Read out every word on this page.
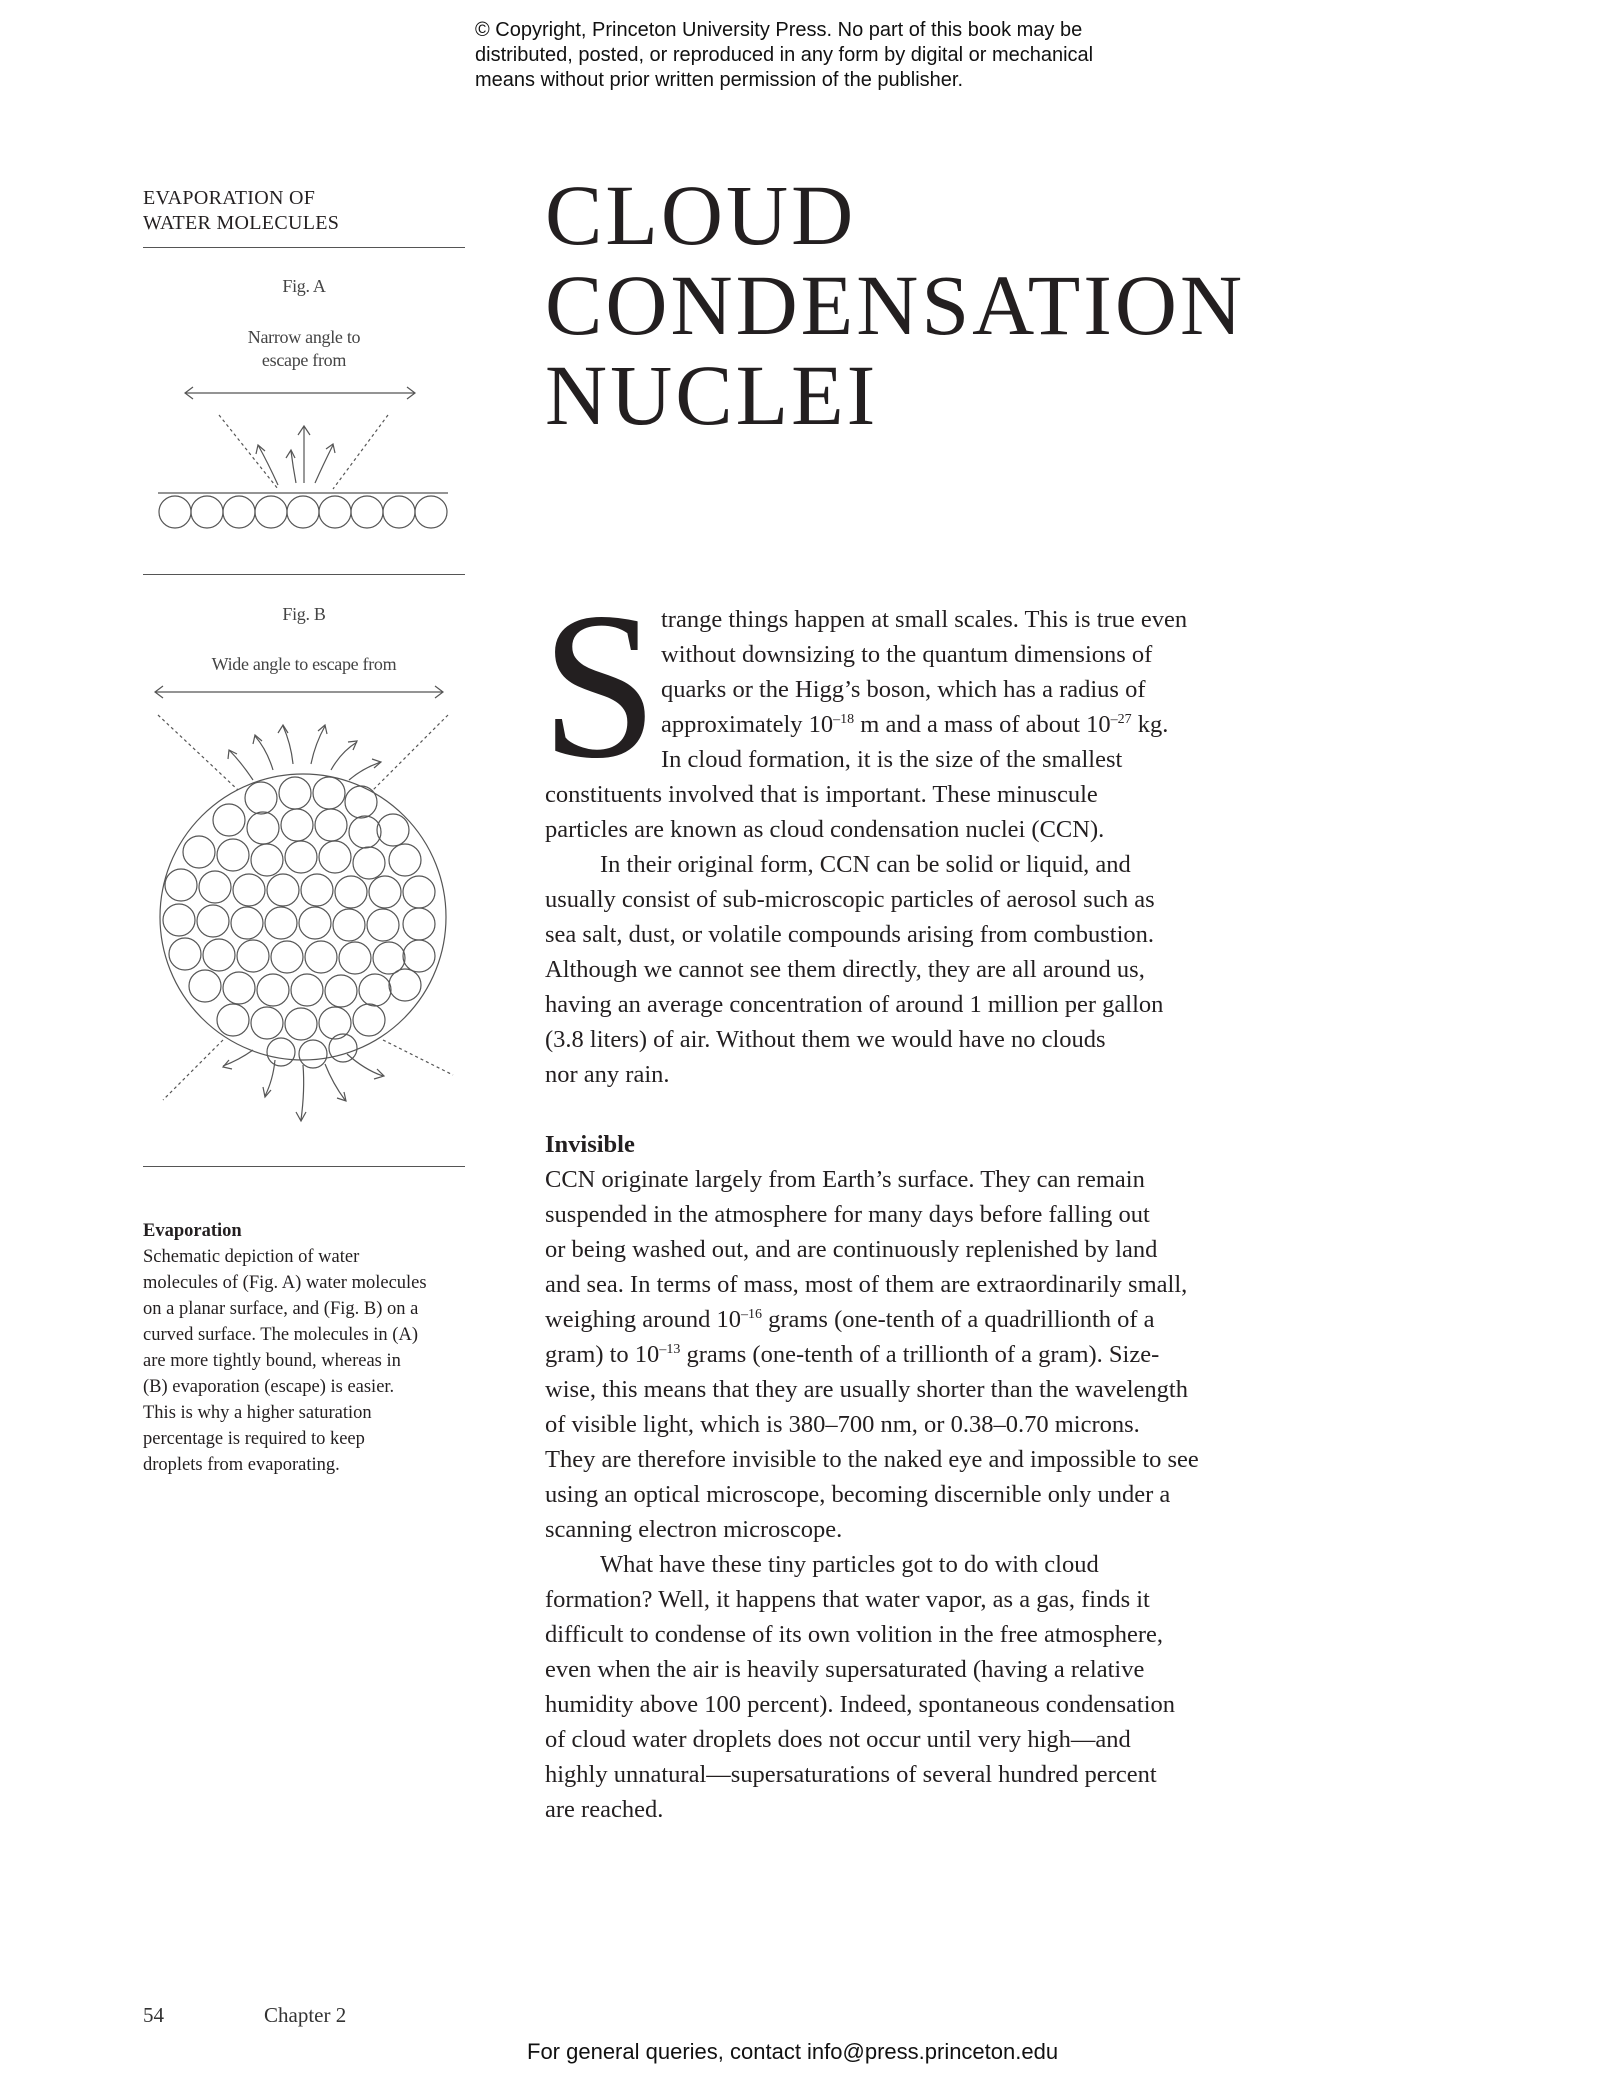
© Copyright, Princeton University Press. No part of this book may be
distributed, posted, or reproduced in any form by digital or mechanical
means without prior written permission of the publisher.
EVAPORATION OF
WATER MOLECULES
Fig. A
Narrow angle to
escape from
Fig. B
Wide angle to escape from
Evaporation
Schematic depiction of water
molecules of (Fig. A) water molecules
on a planar surface, and (Fig. B) on a
curved surface. The molecules in (A)
are more tightly bound, whereas in
(B) evaporation (escape) is easier.
This is why a higher saturation
percentage is required to keep
droplets from evaporating.
CLOUD
CONDENSATION
NUCLEI
S trange things happen at small scales. This is true even
without downsizing to the quantum dimensions of
quarks or the Higg’s boson, which has a radius of
approximately $10^{-18}$ m and a mass of about $10^{-27}$ kg.
In cloud formation, it is the size of the smallest
constituents involved that is important. These minuscule
particles are known as cloud condensation nuclei (CCN).
In their original form, CCN can be solid or liquid, and
usually consist of sub-microscopic particles of aerosol such as
sea salt, dust, or volatile compounds arising from combustion.
Although we cannot see them directly, they are all around us,
having an average concentration of around 1 million per gallon
(3.8 liters) of air. Without them we would have no clouds
nor any rain.
Invisible
CCN originate largely from Earth’s surface. They can remain
suspended in the atmosphere for many days before falling out
or being washed out, and are continuously replenished by land
and sea. In terms of mass, most of them are extraordinarily small,
weighing around $10^{-16}$ grams (one-tenth of a quadrillionth of a
gram) to $10^{-13}$ grams (one-tenth of a trillionth of a gram). Size-
wise, this means that they are usually shorter than the wavelength
of visible light, which is 380–700 nm, or 0.38–0.70 microns.
They are therefore invisible to the naked eye and impossible to see
using an optical microscope, becoming discernible only under a
scanning electron microscope.
What have these tiny particles got to do with cloud
formation? Well, it happens that water vapor, as a gas, finds it
difficult to condense of its own volition in the free atmosphere,
even when the air is heavily supersaturated (having a relative
humidity above 100 percent). Indeed, spontaneous condensation
of cloud water droplets does not occur until very high—and
highly unnatural—supersaturations of several hundred percent
are reached.
54	Chapter 2
For general queries, contact info@press.princeton.edu
